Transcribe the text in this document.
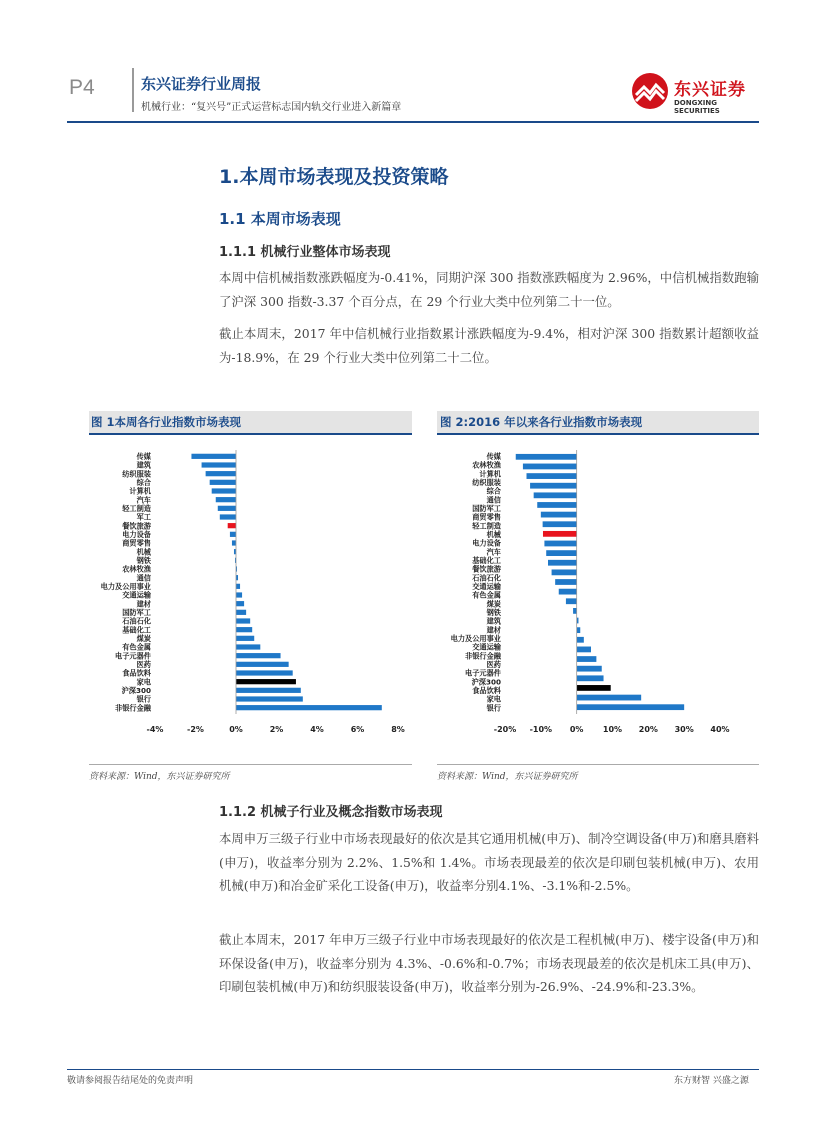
P4	东兴证券行业周报
机械行业：“复兴号”正式运营标志国内轨交行业进入新篇章
东兴证券
DONGXING SECURITIES
1.本周市场表现及投资策略
1.1 本周市场表现
1.1.1 机械行业整体市场表现
本周中信机械指数涨跌幅度为-0.41%，同期沪深 300 指数涨跌幅度为 2.96%，中信机械指数跑输了沪深 300 指数-3.37 个百分点，在 29 个行业大类中位列第二十一位。
截止本周末，2017 年中信机械行业指数累计涨跌幅度为-9.4%，相对沪深 300 指数累计超额收益为-18.9%，在 29 个行业大类中位列第二十二位。
图 1本周各行业指数市场表现	图 2:2016 年以来各行业指数市场表现
传媒
建筑
纺织服装
综合
计算机
汽车
轻工制造
军工
餐饮旅游
电力设备
商贸零售
机械
钢铁
农林牧渔
通信
电力及公用事业
交通运输
建材
国防军工
石油石化
基础化工
煤炭
有色金属
电子元器件
医药
食品饮料
家电
沪深300
银行
非银行金融
-4%	-2%	0%	2%	4%	6%	8%
传媒
农林牧渔
计算机
纺织服装
综合
通信
国防军工
商贸零售
轻工制造
机械
电力设备
汽车
基础化工
餐饮旅游
石油石化
交通运输
有色金属
煤炭
钢铁
建筑
建材
电力及公用事业
交通运输
非银行金融
医药
电子元器件
沪深300
食品饮料
家电
银行
-20% -10% 0% 10% 20% 30% 40%
资料来源：Wind，东兴证券研究所	资料来源：Wind，东兴证券研究所
1.1.2 机械子行业及概念指数市场表现
本周申万三级子行业中市场表现最好的依次是其它通用机械(申万)、制冷空调设备(申万)和磨具磨料(申万)，收益率分别为 2.2%、1.5%和 1.4%。市场表现最差的依次是印刷包装机械(申万)、农用机械(申万)和冶金矿采化工设备(申万)，收益率分别4.1%、-3.1%和-2.5%。
截止本周末，2017 年申万三级子行业中市场表现最好的依次是工程机械(申万)、楼宇设备(申万)和环保设备(申万)，收益率分别为 4.3%、-0.6%和-0.7%；市场表现最差的依次是机床工具(申万)、印刷包装机械(申万)和纺织服装设备(申万)，收益率分别为-26.9%、-24.9%和-23.3%。
敬请参阅报告结尾处的免责声明	东方财智 兴盛之源
